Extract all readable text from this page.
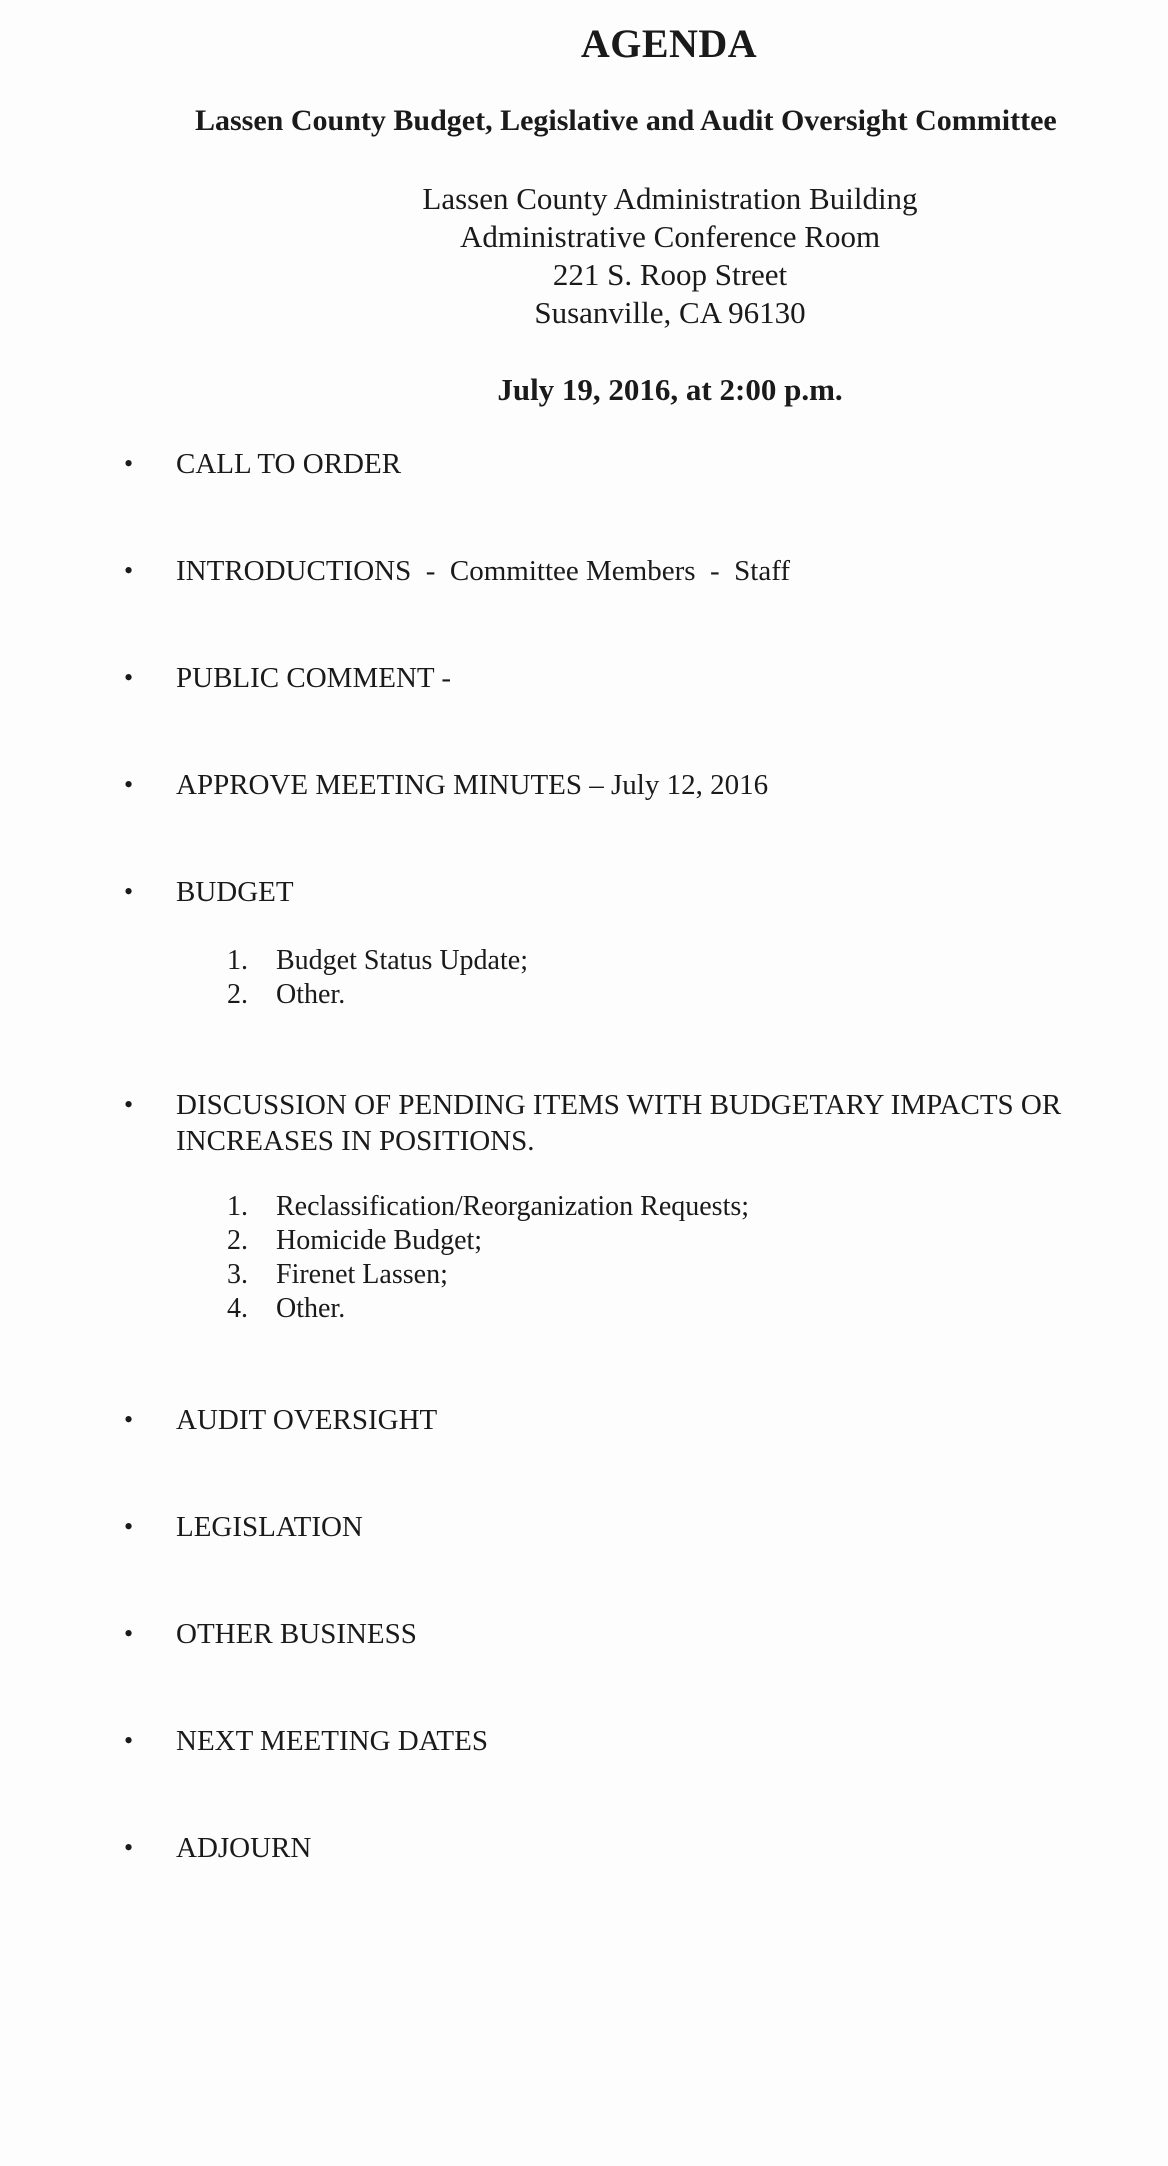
AGENDA
Lassen County Budget, Legislative and Audit Oversight Committee
Lassen County Administration Building
Administrative Conference Room
221 S. Roop Street
Susanville, CA 96130
July 19, 2016, at 2:00 p.m.
• CALL TO ORDER
• INTRODUCTIONS  -  Committee Members  -  Staff
• PUBLIC COMMENT -
• APPROVE MEETING MINUTES – July 12, 2016
• BUDGET
1. Budget Status Update;
2. Other.
• DISCUSSION OF PENDING ITEMS WITH BUDGETARY IMPACTS OR
INCREASES IN POSITIONS.
1. Reclassification/Reorganization Requests;
2. Homicide Budget;
3. Firenet Lassen;
4. Other.
• AUDIT OVERSIGHT
• LEGISLATION
• OTHER BUSINESS
• NEXT MEETING DATES
• ADJOURN
